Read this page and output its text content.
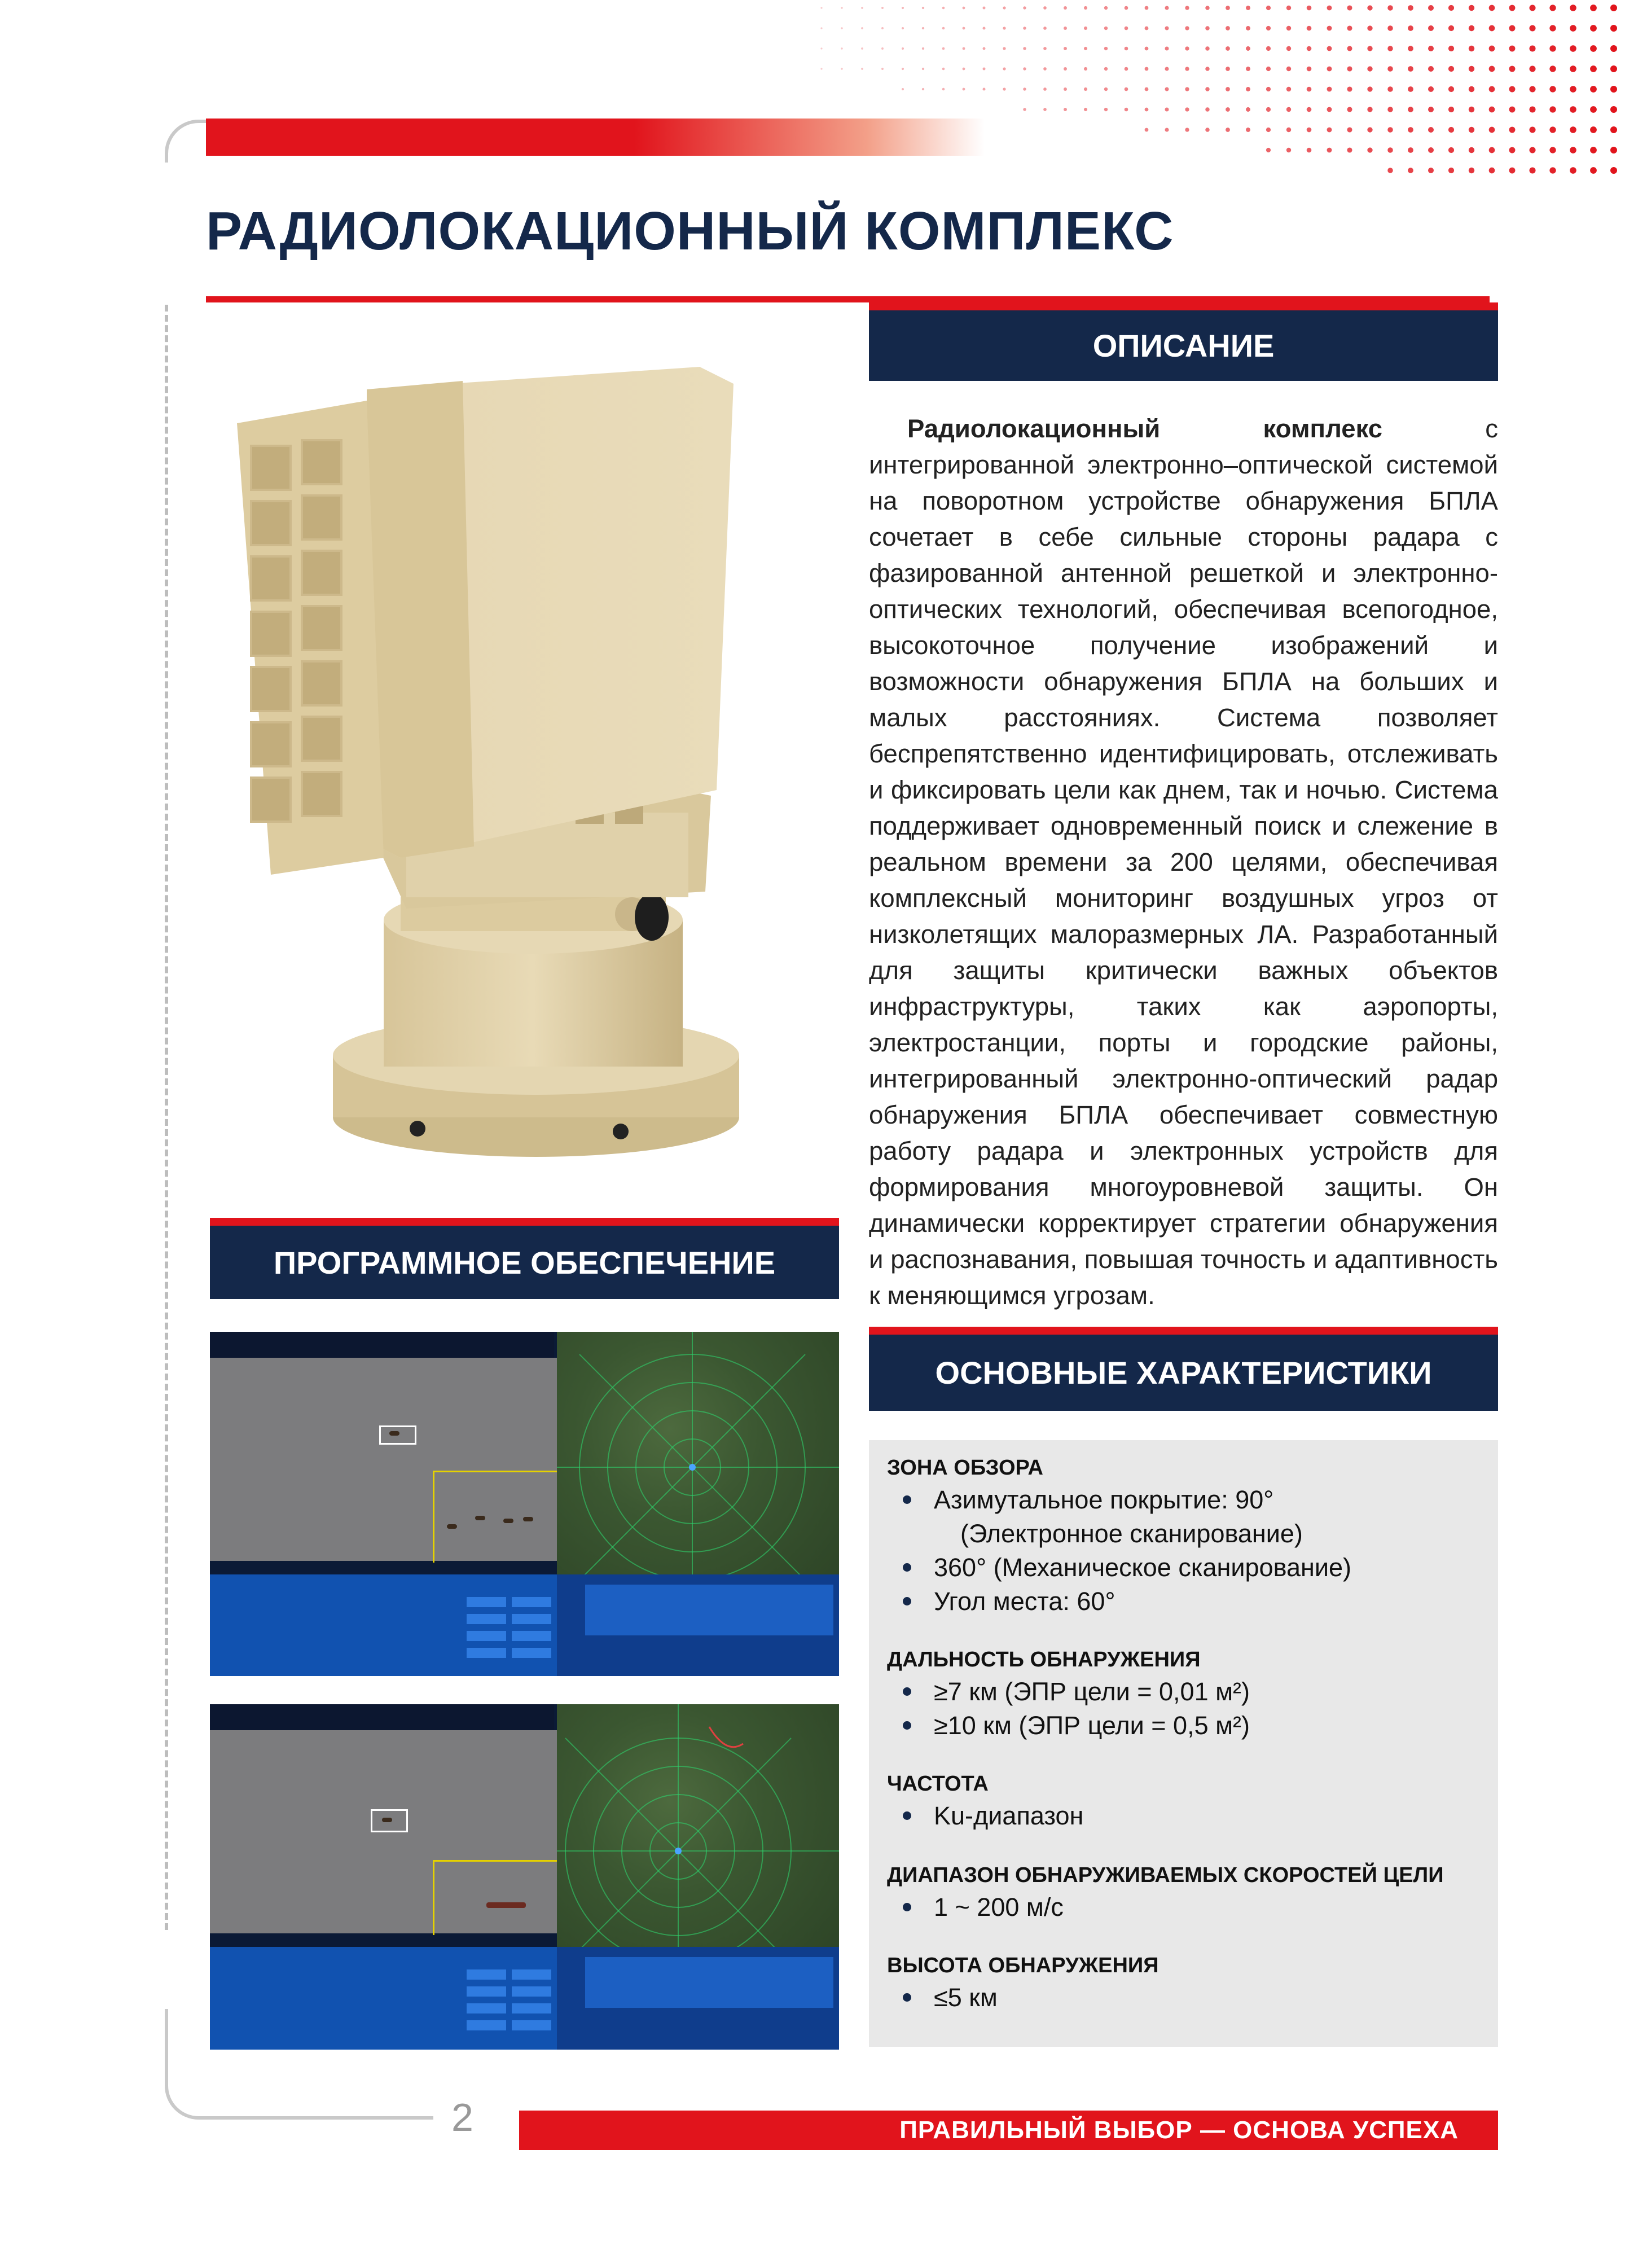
РАДИОЛОКАЦИОННЫЙ КОМПЛЕКС
ОПИСАНИЕ

Радиолокационный комплекс с интегрированной электронно–оптической системой на поворотном устройстве обнаружения БПЛА сочетает в себе сильные стороны радара с фазированной антенной решеткой и электронно-оптических технологий, обеспечивая всепогодное, высокоточное получение изображений и возможности обнаружения БПЛА на больших и малых расстояниях. Система позволяет беспрепятственно идентифицировать, отслеживать и фиксировать цели как днем, так и ночью. Система поддерживает одновременный поиск и слежение в реальном времени за 200 целями, обеспечивая комплексный мониторинг воздушных угроз от низколетящих малоразмерных ЛА. Разработанный для защиты критически важных объектов инфраструктуры, таких как аэропорты, электростанции, порты и городские районы, интегрированный электронно-оптический радар обнаружения БПЛА обеспечивает совместную работу радара и электронных устройств для формирования многоуровневой защиты. Он динамически корректирует стратегии обнаружения и распознавания, повышая точность и адаптивность к меняющимся угрозам.

ПРОГРАММНОЕ ОБЕСПЕЧЕНИЕ
ОСНОВНЫЕ ХАРАКТЕРИСТИКИ
ЗОНА ОБЗОРА
Азимутальное покрытие: 90°
(Электронное сканирование)
360° (Механическое сканирование)
Угол места: 60°
ДАЛЬНОСТЬ ОБНАРУЖЕНИЯ
≥7 км (ЭПР цели = 0,01 м²)
≥10 км (ЭПР цели = 0,5 м²)
ЧАСТОТА
Ku-диапазон
ДИАПАЗОН ОБНАРУЖИВАЕМЫХ СКОРОСТЕЙ ЦЕЛИ
1 ~ 200 м/с
ВЫСОТА ОБНАРУЖЕНИЯ
≤5 км
2	ПРАВИЛЬНЫЙ ВЫБОР — ОСНОВА УСПЕХА
